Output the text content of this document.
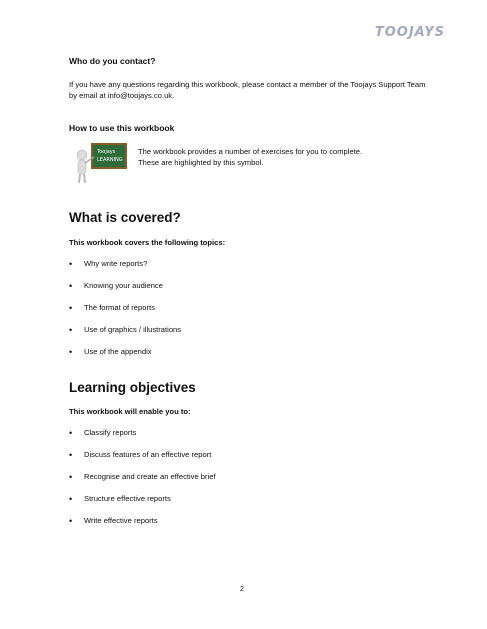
TOOJAYS
Who do you contact?
If you have any questions regarding this workbook, please contact a member of the Toojays Support Team by email at info@toojays.co.uk.
How to use this workbook
Toojays
LEARNING
The workbook provides a number of exercises for you to complete.
These are highlighted by this symbol.
What is covered?
This workbook covers the following topics:
• Why write reports?
• Knowing your audience
• The format of reports
• Use of graphics / illustrations
• Use of the appendix
Learning objectives
This workbook will enable you to:
• Classify reports
• Discuss features of an effective report
• Recognise and create an effective brief
• Structure effective reports
• Write effective reports
2
